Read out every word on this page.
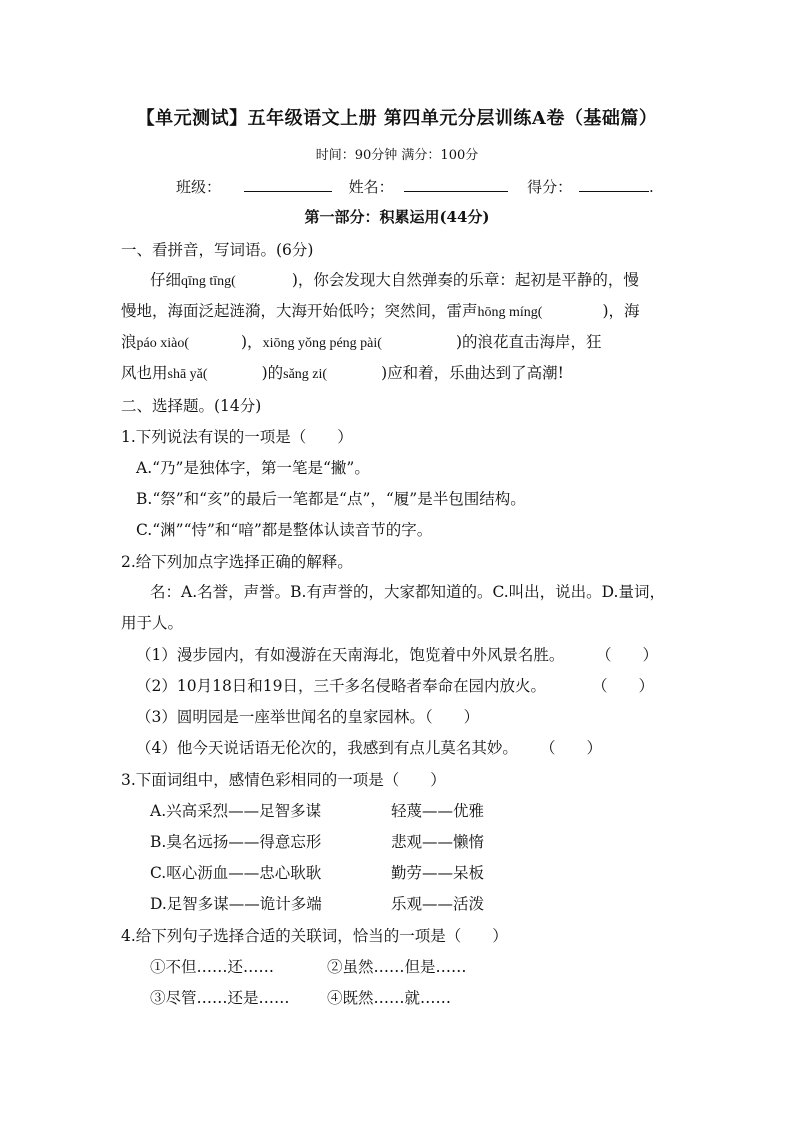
【单元测试】五年级语文上册 第四单元分层训练A卷（基础篇）
时间：90分钟 满分：100分
班级：	姓名：	得分：	.
第一部分：积累运用(44分)
一、看拼音，写词语。(6分)
仔细qīng tīng(	)，你会发现大自然弹奏的乐章：起初是平静的，慢
慢地，海面泛起涟漪，大海开始低吟；突然间，雷声hōng míng(	)，海
浪páo xiào(	)，xiōng yǒng péng pài(	)的浪花直击海岸，狂
风也用shā yǎ(	)的sǎng zi(	)应和着，乐曲达到了高潮!
二、选择题。(14分)
1.下列说法有误的一项是（　　）
A.“乃”是独体字，第一笔是“撇”。
B.“祭”和“亥”的最后一笔都是“点”，“履”是半包围结构。
C.“渊”“恃”和“喑”都是整体认读音节的字。
2.给下列加点字选择正确的解释。
名：A.名誉，声誉。B.有声誉的，大家都知道的。C.叫出，说出。D.量词，
用于人。
（1）漫步园内，有如漫游在天南海北，饱览着中外风景名胜。 （　　）
（2）10月18日和19日，三千多名侵略者奉命在园内放火。	（　　）
（3）圆明园是一座举世闻名的皇家园林。（　　）
（4）他今天说话语无伦次的，我感到有点儿莫名其妙。 （　　）
3.下面词组中，感情色彩相同的一项是（　　）
A.兴高采烈——足智多谋	轻蔑——优雅
B.臭名远扬——得意忘形	悲观——懒惰
C.呕心沥血——忠心耿耿	勤劳——呆板
D.足智多谋——诡计多端	乐观——活泼
4.给下列句子选择合适的关联词，恰当的一项是（　　）
①不但……还……	②虽然……但是……
③尽管……还是…… ④既然……就……
